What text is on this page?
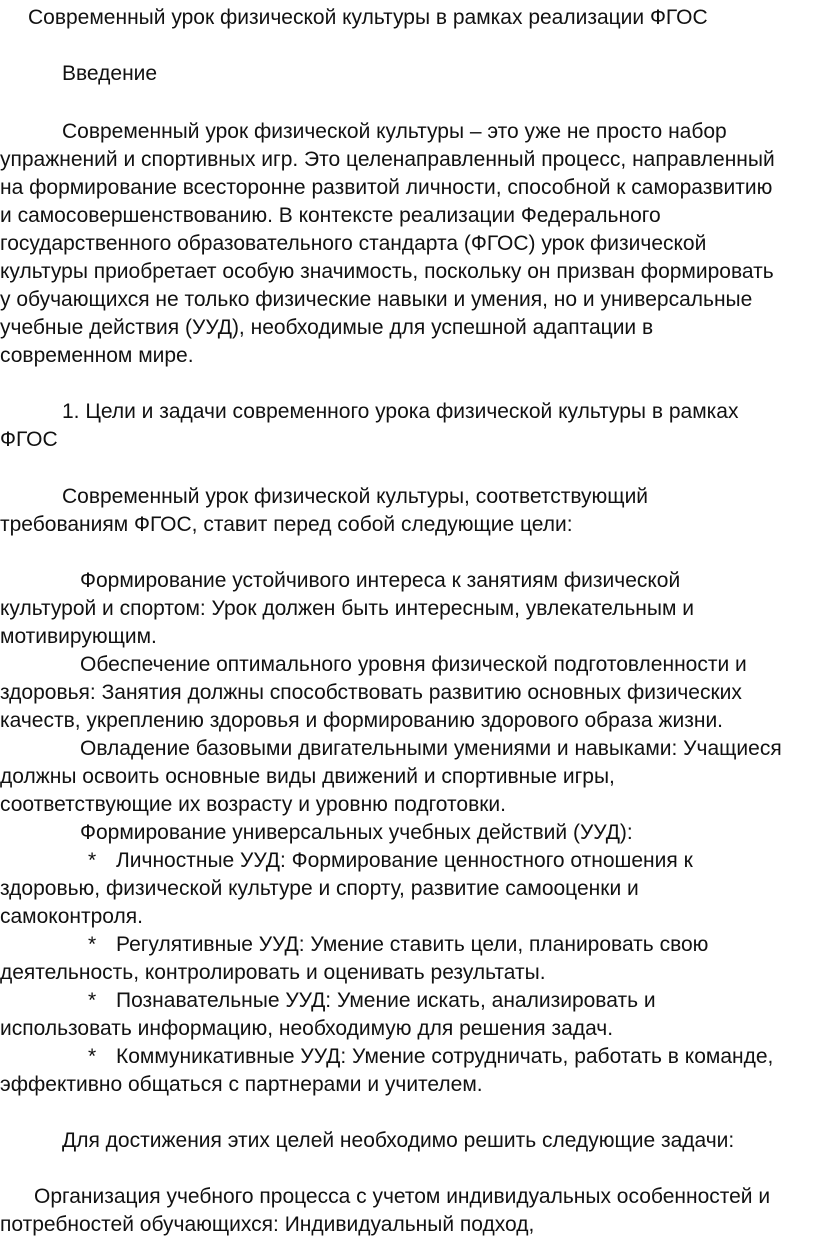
Современный урок физической культуры в рамках реализации ФГОС
Введение
Современный урок физической культуры – это уже не просто набор
упражнений и спортивных игр. Это целенаправленный процесс, направленный
на формирование всесторонне развитой личности, способной к саморазвитию
и самосовершенствованию. В контексте реализации Федерального
государственного образовательного стандарта (ФГОС) урок физической
культуры приобретает особую значимость, поскольку он призван формировать
у обучающихся не только физические навыки и умения, но и универсальные
учебные действия (УУД), необходимые для успешной адаптации в
современном мире.
1. Цели и задачи современного урока физической культуры в рамках
ФГОС
Современный урок физической культуры, соответствующий
требованиям ФГОС, ставит перед собой следующие цели:
Формирование устойчивого интереса к занятиям физической
культурой и спортом: Урок должен быть интересным, увлекательным и
мотивирующим.
Обеспечение оптимального уровня физической подготовленности и
здоровья: Занятия должны способствовать развитию основных физических
качеств, укреплению здоровья и формированию здорового образа жизни.
Овладение базовыми двигательными умениями и навыками: Учащиеся
должны освоить основные виды движений и спортивные игры,
соответствующие их возрасту и уровню подготовки.
Формирование универсальных учебных действий (УУД):
* Личностные УУД: Формирование ценностного отношения к
здоровью, физической культуре и спорту, развитие самооценки и
самоконтроля.
* Регулятивные УУД: Умение ставить цели, планировать свою
деятельность, контролировать и оценивать результаты.
* Познавательные УУД: Умение искать, анализировать и
использовать информацию, необходимую для решения задач.
* Коммуникативные УУД: Умение сотрудничать, работать в команде,
эффективно общаться с партнерами и учителем.
Для достижения этих целей необходимо решить следующие задачи:
Организация учебного процесса с учетом индивидуальных особенностей и
потребностей обучающихся: Индивидуальный подход,
